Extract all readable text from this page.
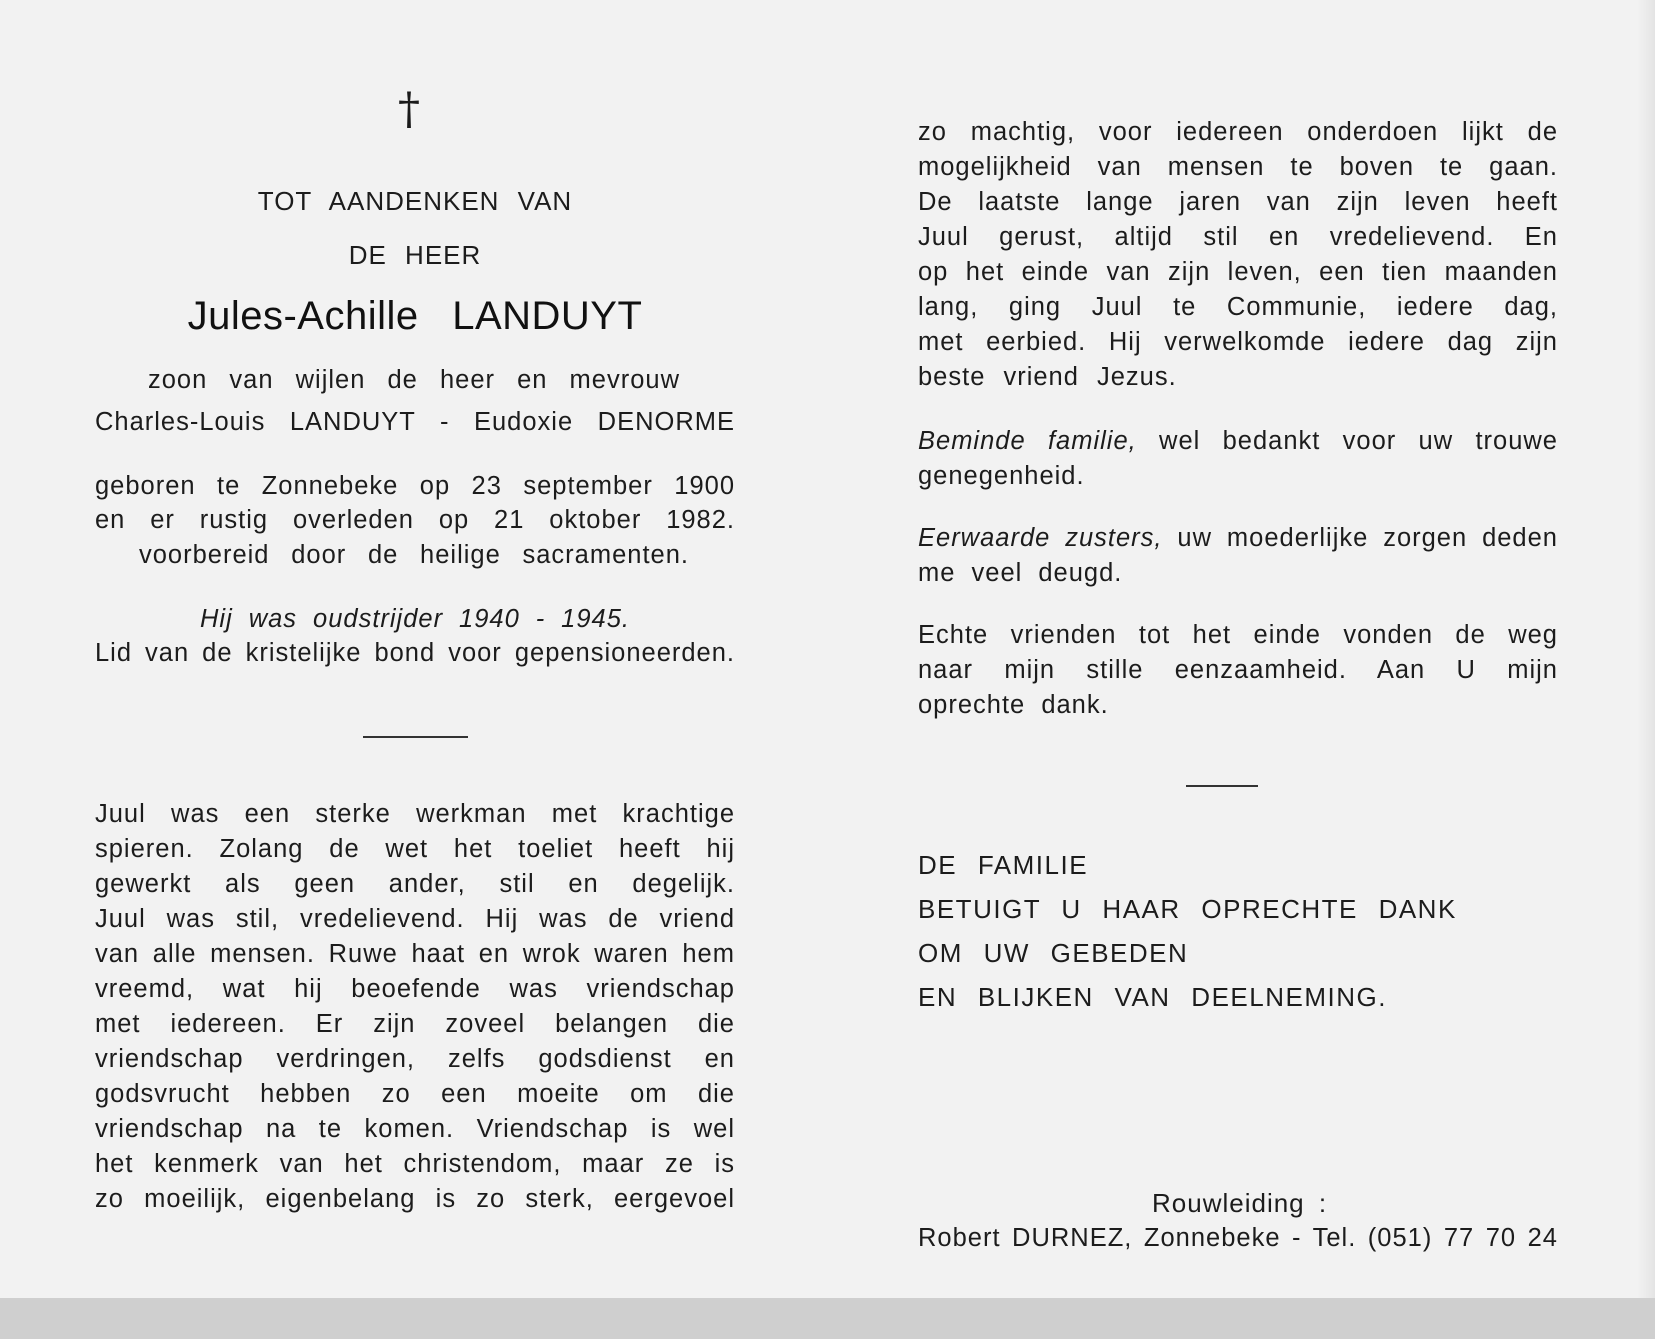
†
TOT AANDENKEN VAN
DE HEER
Jules-Achille LANDUYT
zoon van wijlen de heer en mevrouw
Charles-Louis LANDUYT - Eudoxie DENORME
geboren te Zonnebeke op 23 september 1900
en er rustig overleden op 21 oktober 1982.
voorbereid door de heilige sacramenten.
Hij was oudstrijder 1940 - 1945.
Lid van de kristelijke bond voor gepensioneerden.
Juul was een sterke werkman met krachtige
spieren. Zolang de wet het toeliet heeft hij
gewerkt als geen ander, stil en degelijk.
Juul was stil, vredelievend. Hij was de vriend
van alle mensen. Ruwe haat en wrok waren hem
vreemd, wat hij beoefende was vriendschap
met iedereen. Er zijn zoveel belangen die
vriendschap verdringen, zelfs godsdienst en
godsvrucht hebben zo een moeite om die
vriendschap na te komen. Vriendschap is wel
het kenmerk van het christendom, maar ze is
zo moeilijk, eigenbelang is zo sterk, eergevoel
zo machtig, voor iedereen onderdoen lijkt de
mogelijkheid van mensen te boven te gaan.
De laatste lange jaren van zijn leven heeft
Juul gerust, altijd stil en vredelievend. En
op het einde van zijn leven, een tien maanden
lang, ging Juul te Communie, iedere dag,
met eerbied. Hij verwelkomde iedere dag zijn
beste vriend Jezus.
Beminde familie, wel bedankt voor uw trouwe
genegenheid.
Eerwaarde zusters, uw moederlijke zorgen deden
me veel deugd.
Echte vrienden tot het einde vonden de weg
naar mijn stille eenzaamheid. Aan U mijn
oprechte dank.
DE FAMILIE
BETUIGT U HAAR OPRECHTE DANK
OM UW GEBEDEN
EN BLIJKEN VAN DEELNEMING.
Rouwleiding :
Robert DURNEZ, Zonnebeke - Tel. (051) 77 70 24
